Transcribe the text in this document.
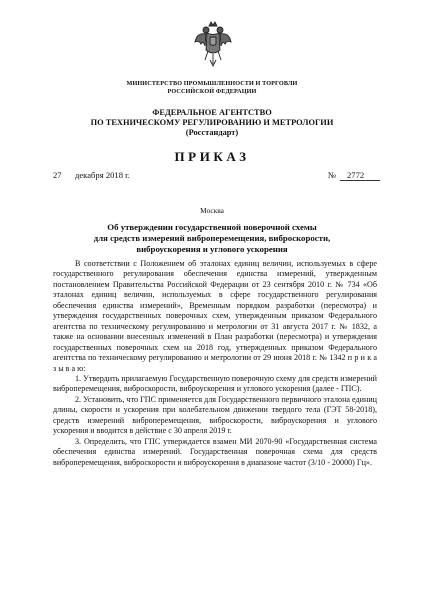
МИНИСТЕРСТВО ПРОМЫШЛЕННОСТИ И ТОРГОВЛИ
РОССИЙСКОЙ ФЕДЕРАЦИИ
ФЕДЕРАЛЬНОЕ АГЕНТСТВО
ПО ТЕХНИЧЕСКОМУ РЕГУЛИРОВАНИЮ И МЕТРОЛОГИИ
(Росстандарт)
ПРИКАЗ
27 декабря 2018 г.	№ 2772
Москва
Об утверждении государственной поверочной схемы
для средств измерений виброперемещения, виброскорости,
виброускорения и углового ускорения

В соответствии с Положением об эталонах единиц величин, используемых в сфере государственного регулирования обеспечения единства измерений, утвержденным постановлением Правительства Российской Федерации от 23 сентября 2010 г. № 734 «Об эталонах единиц величин, используемых в сфере государственного регулирования обеспечения единства измерений», Временным порядком разработки (пересмотра) и утверждения государственных поверочных схем, утвержденным приказом Федерального агентства по техническому регулированию и метрологии от 31 августа 2017 г. № 1832, а также на основании внесенных изменений в План разработки (пересмотра) и утверждения государственных поверочных схем на 2018 год, утвержденных приказом Федерального агентства по техническому регулированию и метрологии от 29 июня 2018 г. № 1342 п р и к а з ы в а ю:

1. Утвердить прилагаемую Государственную поверочную схему для средств измерений виброперемещения, виброскорости, виброускорения и углового ускорения (далее - ГПС).

2. Установить, что ГПС применяется для Государственного первичного эталона единиц длины, скорости и ускорения при колебательном движении твердого тела (ГЭТ 58-2018), средств измерений виброперемещения, виброскорости, виброускорения и углового ускорения и вводится в действие с 30 апреля 2019 г.

3. Определить, что ГПС утверждается взамен МИ 2070-90 «Государственная система обеспечения единства измерений. Государственная поверочная схема для средств виброперемещения, виброскорости и виброускорения в диапазоне частот (3/10 - 20000) Гц».
